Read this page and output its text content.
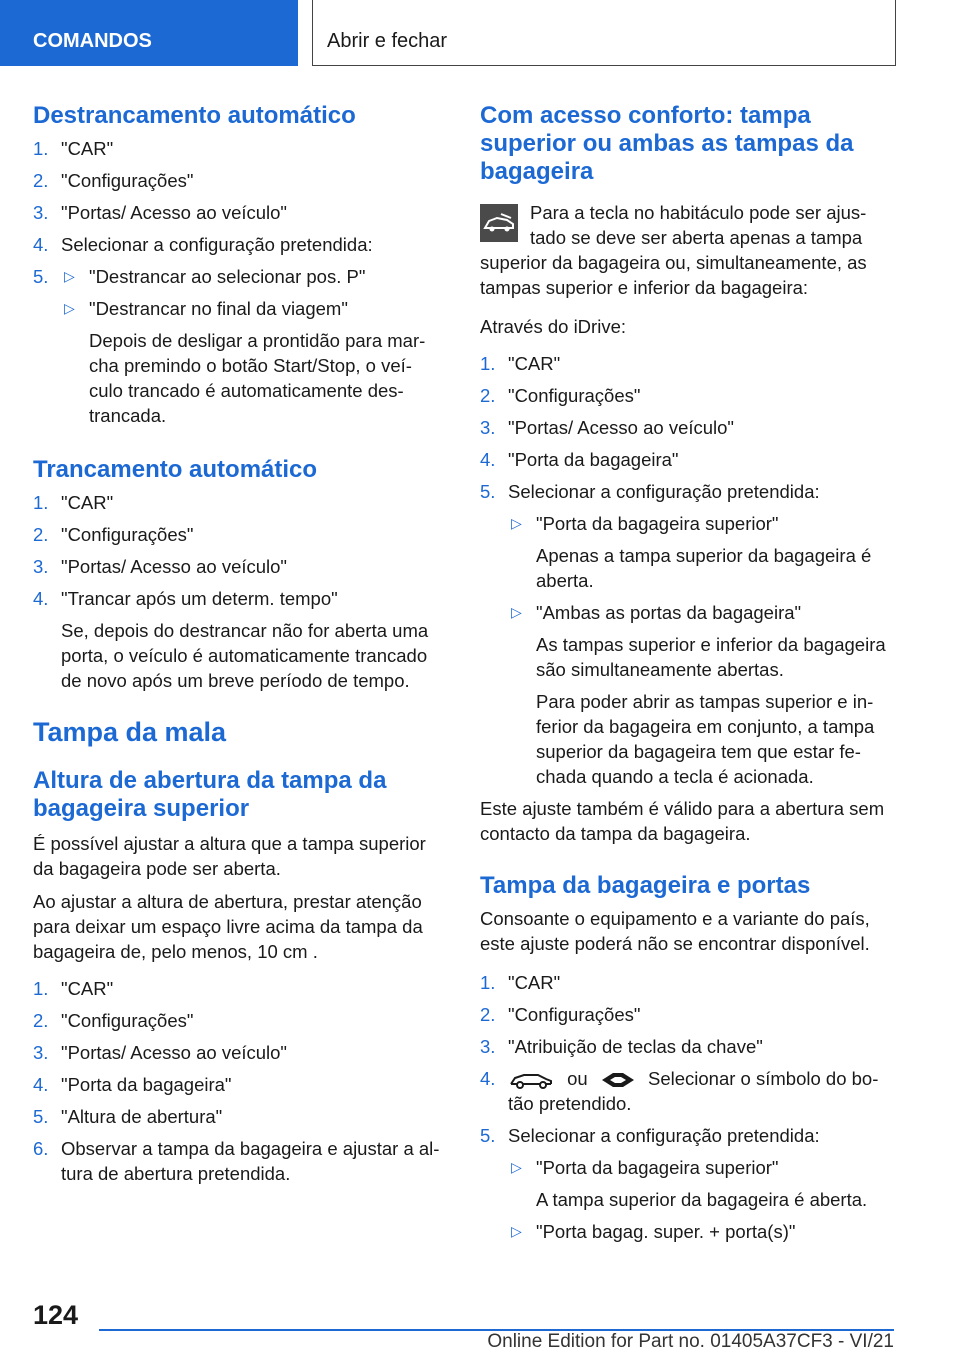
COMANDOS	Abrir e fechar
Destrancamento automático
1. "CAR"
2. "Configurações"
3. "Portas/ Acesso ao veículo"
4. Selecionar a configuração pretendida:
5.	▷ "Destrancar ao selecionar pos. P"
▷ "Destrancar no final da viagem"

Depois de desligar a prontidão para mar-cha premindo o botão Start/Stop, o veí-culo trancado é automaticamente des-trancada.

Trancamento automático
1. "CAR"
2. "Configurações"
3. "Portas/ Acesso ao veículo"
4. "Trancar após um determ. tempo"

Se, depois do destrancar não for aberta uma porta, o veículo é automaticamente trancado de novo após um breve período de tempo.

Tampa da mala
Altura de abertura da tampa da bagageira superior

É possível ajustar a altura que a tampa superior da bagageira pode ser aberta.

Ao ajustar a altura de abertura, prestar atenção para deixar um espaço livre acima da tampa da bagageira de, pelo menos, 10 cm .

1. "CAR"
2. "Configurações"
3. "Portas/ Acesso ao veículo"
4. "Porta da bagageira"
5. "Altura de abertura"
6. Observar a tampa da bagageira e ajustar a al-tura de abertura pretendida.
Com acesso conforto: tampa superior ou ambas as tampas da bagageira

Para a tecla no habitáculo pode ser ajus-tado se deve ser aberta apenas a tampa superior da bagageira ou, simultaneamente, as tampas superior e inferior da bagageira:

Através do iDrive:

1. "CAR"
2. "Configurações"
3. "Portas/ Acesso ao veículo"
4. "Porta da bagageira"
5. Selecionar a configuração pretendida:
▷ "Porta da bagageira superior"

Apenas a tampa superior da bagageira é aberta.

▷ "Ambas as portas da bagageira"

As tampas superior e inferior da bagageira são simultaneamente abertas.

Para poder abrir as tampas superior e in-ferior da bagageira em conjunto, a tampa superior da bagageira tem que estar fe-chada quando a tecla é acionada.

Este ajuste também é válido para a abertura sem contacto da tampa da bagageira.

Tampa da bagageira e portas

Consoante o equipamento e a variante do país, este ajuste poderá não se encontrar disponível.

1. "CAR"
2. "Configurações"
3. "Atribuição de teclas da chave"
4.	ou	Selecionar o símbolo do bo-tão pretendido.
5. Selecionar a configuração pretendida:
▷ "Porta da bagageira superior"

A tampa superior da bagageira é aberta.

▷ "Porta bagag. super. + porta(s)"
124
Online Edition for Part no. 01405A37CF3 - VI/21
